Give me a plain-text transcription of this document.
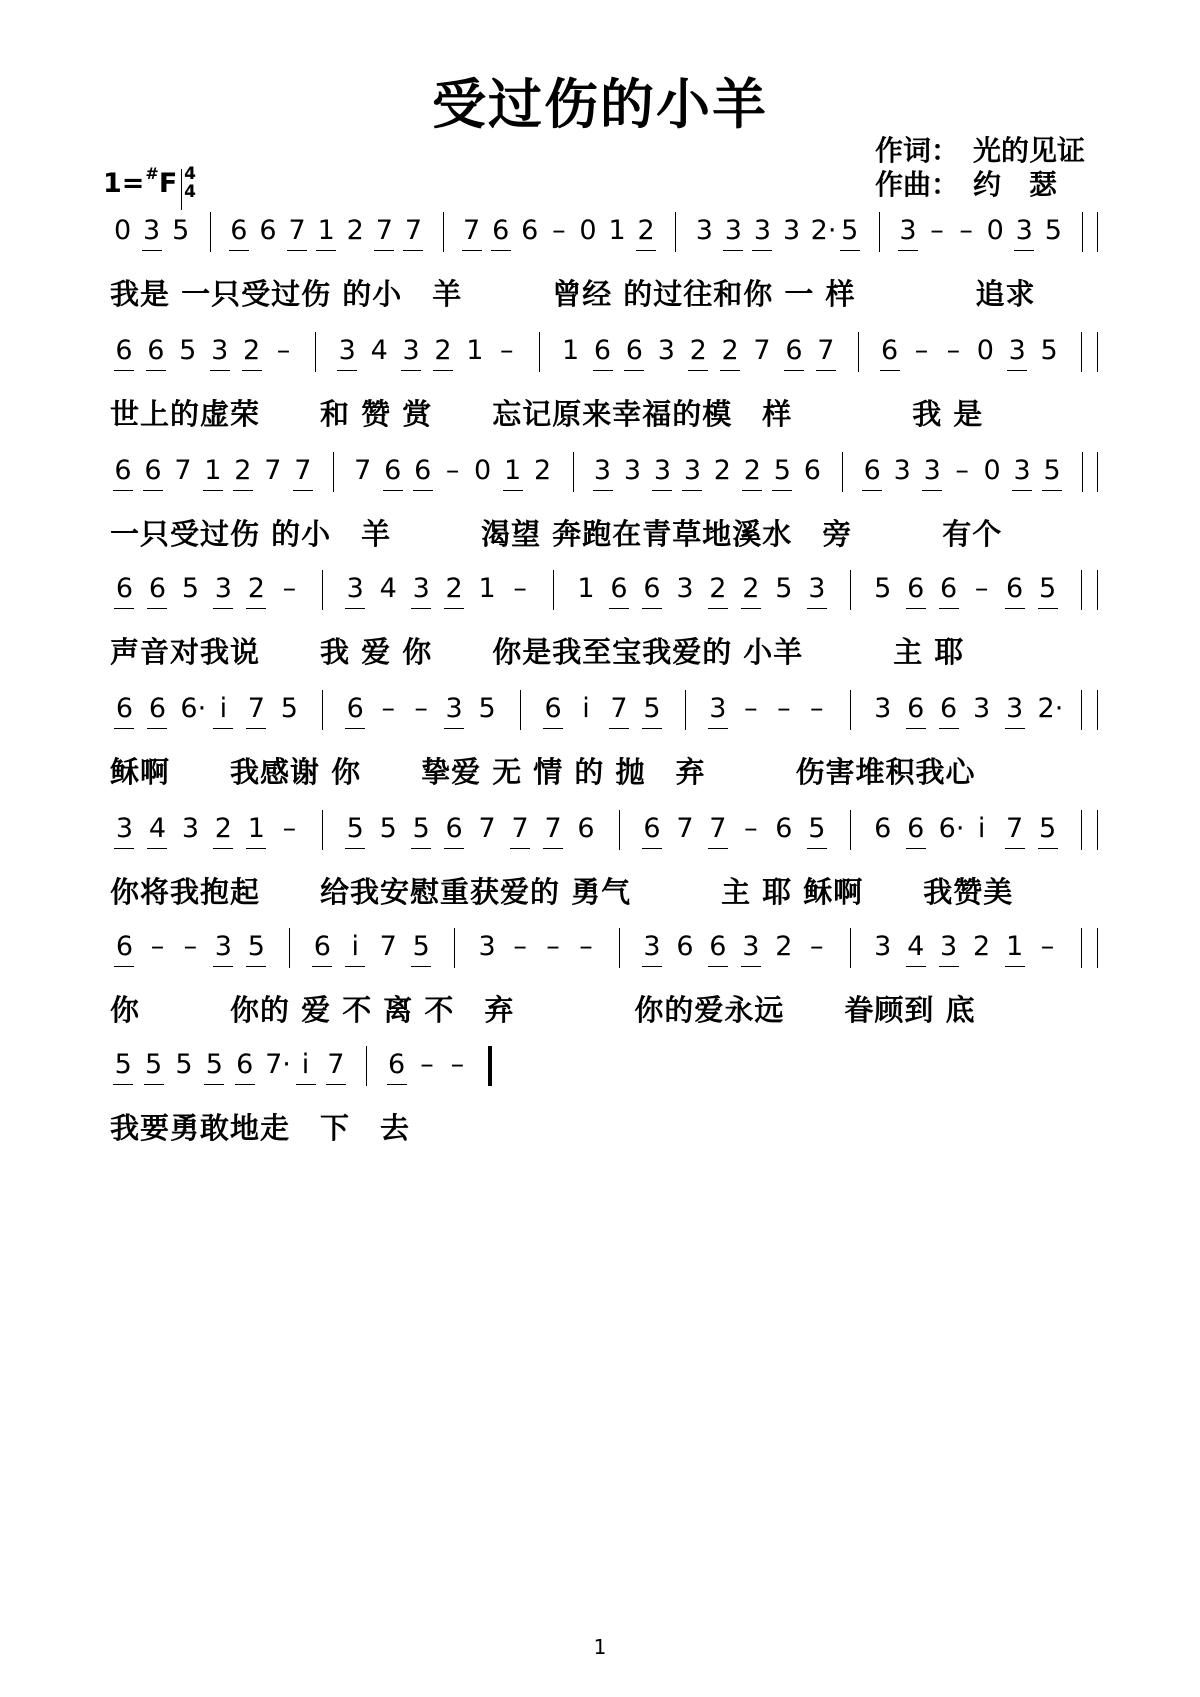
受过伤的小羊
作词： 光的见证
作曲： 约　瑟
1=#F 4
4
0 3 5 6 6 7 1 2 7 7 7 6 6 – 0 1 2 3 3 3 3 2· 5 3 – – 0 3 5
我是 一只受过伤 的小　羊　　　曾经 的过往和你 一 样　　　　追求
6 6 5 3 2 – 3 4 3 2 1 – 1 6 6 3 2 2 7 6 7 6 – – 0 3 5
世上的虚荣　　和 赞 赏　　忘记原来幸福的模　样　　　　我 是
6 6 7 1 2 7 7 7 6 6 – 0 1 2 3 3 3 3 2 2 5 6 6 3 3 – 0 3 5
一只受过伤 的小　羊　　　渴望 奔跑在青草地溪水　旁　　　有个
6 6 5 3 2 – 3 4 3 2 1 – 1 6 6 3 2 2 5 3 5 6 6 – 6 5
声音对我说　　我 爱 你　　你是我至宝我爱的 小羊　　　主 耶
6 6 6· i 7 5 6 – – 3 5 6 i 7 5 3 – – – 3 6 6 3 3 2·
稣啊　　我感谢 你　　挚爱 无 情 的 抛　弃　　　伤害堆积我心
3 4 3 2 1 – 5 5 5 6 7 7 7 6 6 7 7 – 6 5 6 6 6· i 7 5
你将我抱起　　给我安慰重获爱的 勇气　　　主 耶 稣啊　　我赞美
6 – – 3 5 6 i 7 5 3 – – – 3 6 6 3 2 – 3 4 3 2 1 –
你　　　你的 爱 不 离 不　弃　　　　你的爱永远　　眷顾到 底
5 5 5 5 6 7· i 7 6 – –
我要勇敢地走　下　去
1
